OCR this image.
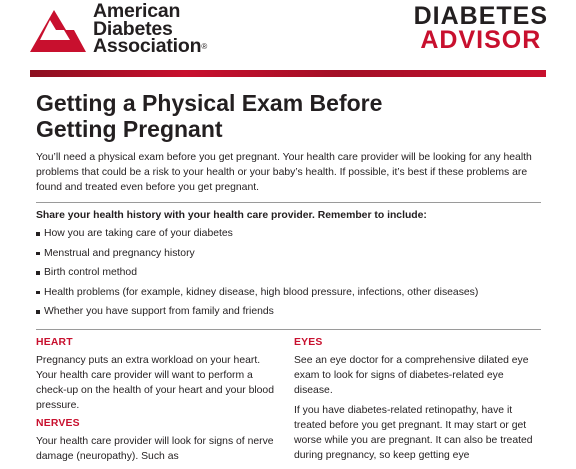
American
Diabetes
Association®
DIABETES
ADVISOR
Getting a Physical Exam Before Getting Pregnant

You’ll need a physical exam before you get pregnant. Your health care provider will be looking for any health problems that could be a risk to your health or your baby’s health. If possible, it’s best if these problems are found and treated even before you get pregnant.

Share your health history with your health care provider. Remember to include:

How you are taking care of your diabetes
Menstrual and pregnancy history
Birth control method
Health problems (for example, kidney disease, high blood pressure, infections, other diseases)
Whether you have support from family and friends
HEART

Pregnancy puts an extra workload on your heart. Your health care provider will want to perform a check-up on the health of your heart and your blood pressure.

NERVES

Your health care provider will look for signs of nerve damage (neuropathy). Such as

EYES

See an eye doctor for a comprehensive dilated eye exam to look for signs of diabetes-related eye disease.

If you have diabetes-related retinopathy, have it treated before you get pregnant. It may start or get worse while you are pregnant. It can also be treated during pregnancy, so keep getting eye
